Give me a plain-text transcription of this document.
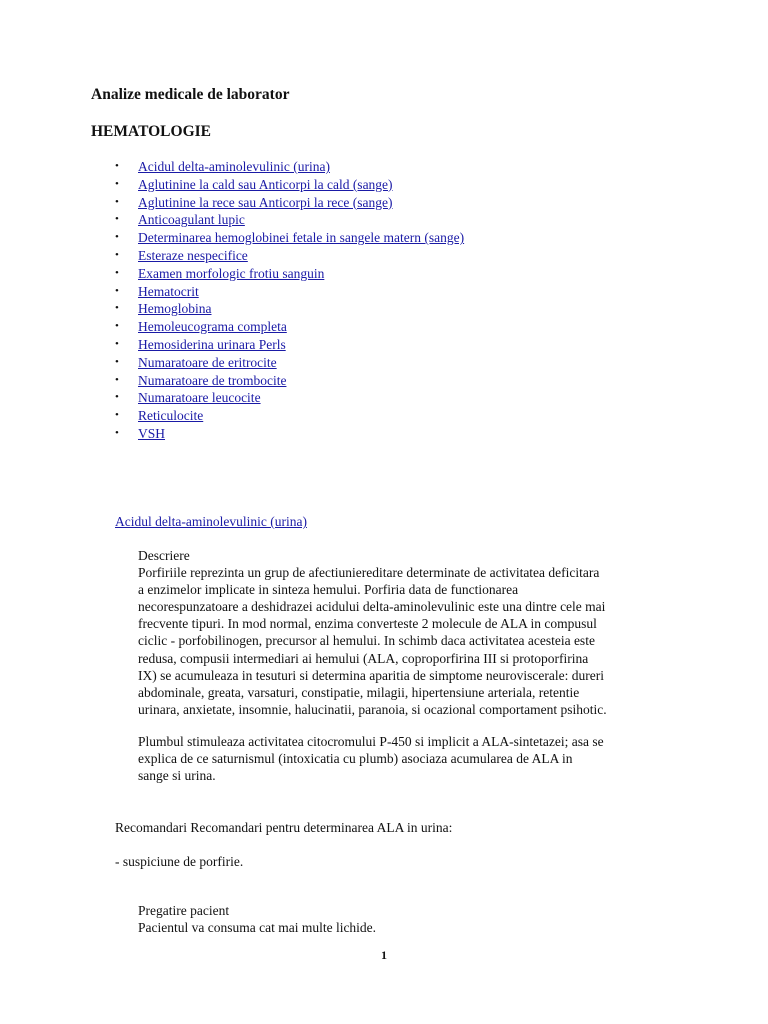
Analize medicale de laborator
HEMATOLOGIE
• Acidul delta-aminolevulinic (urina)
• Aglutinine la cald sau Anticorpi la cald (sange)
• Aglutinine la rece sau Anticorpi la rece (sange)
• Anticoagulant lupic
• Determinarea hemoglobinei fetale in sangele matern (sange)
• Esteraze nespecifice
• Examen morfologic frotiu sanguin
• Hematocrit
• Hemoglobina
• Hemoleucograma completa
• Hemosiderina urinara Perls
• Numaratoare de eritrocite
• Numaratoare de trombocite
• Numaratoare leucocite
• Reticulocite
• VSH
Acidul delta-aminolevulinic (urina)

Descriere

Porfiriile reprezinta un grup de afectiuniereditare determinate de activitatea deficitara

a enzimelor implicate in sinteza hemului. Porfiria data de functionarea

necorespunzatoare a deshidrazei acidului delta-aminolevulinic este una dintre cele mai

frecvente tipuri. In mod normal, enzima converteste 2 molecule de ALA in compusul

ciclic - porfobilinogen, precursor al hemului. In schimb daca activitatea acesteia este

redusa, compusii intermediari ai hemului (ALA, coproporfirina III si protoporfirina

IX) se acumuleaza in tesuturi si determina aparitia de simptome neuroviscerale: dureri

abdominale, greata, varsaturi, constipatie, milagii, hipertensiune arteriala, retentie

urinara, anxietate, insomnie, halucinatii, paranoia, si ocazional comportament psihotic.

Plumbul stimuleaza activitatea citocromului P-450 si implicit a ALA-sintetazei; asa se

explica de ce saturnismul (intoxicatia cu plumb) asociaza acumularea de ALA in

sange si urina.

Recomandari Recomandari pentru determinarea ALA in urina:

- suspiciune de porfirie.

Pregatire pacient

Pacientul va consuma cat mai multe lichide.

1
